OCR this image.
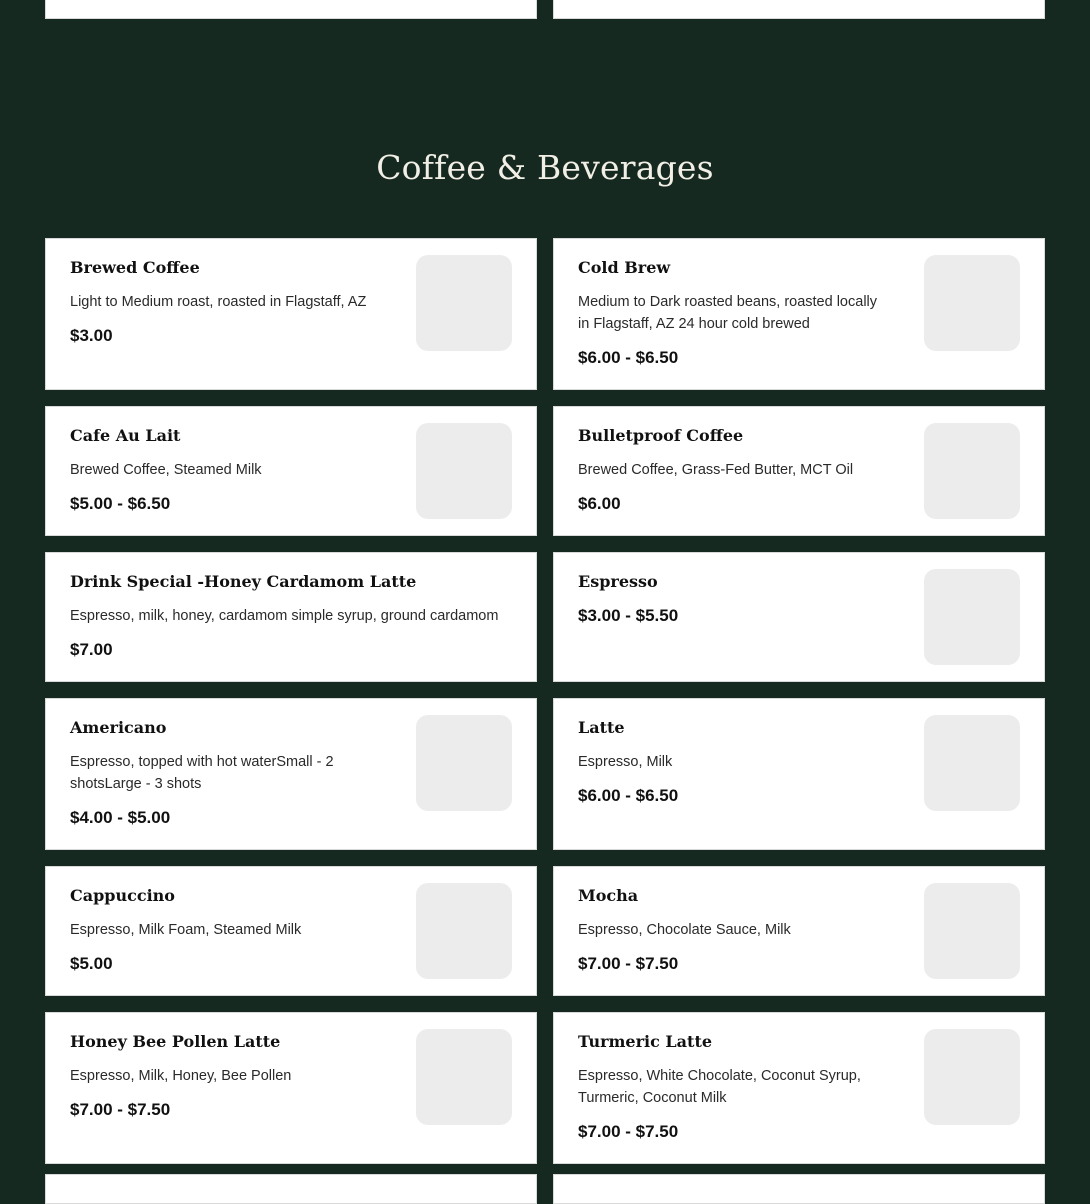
Coffee & Beverages
Brewed Coffee

Light to Medium roast, roasted in Flagstaff, AZ

$3.00

Cold Brew

Medium to Dark roasted beans, roasted locally in Flagstaff, AZ 24 hour cold brewed

$6.00 - $6.50

Cafe Au Lait

Brewed Coffee, Steamed Milk

$5.00 - $6.50

Bulletproof Coffee

Brewed Coffee, Grass-Fed Butter, MCT Oil

$6.00

Drink Special -Honey Cardamom Latte

Espresso, milk, honey, cardamom simple syrup, ground cardamom

$7.00

Espresso

$3.00 - $5.50

Americano

Espresso, topped with hot waterSmall - 2 shotsLarge - 3 shots

$4.00 - $5.00

Latte

Espresso, Milk

$6.00 - $6.50

Cappuccino

Espresso, Milk Foam, Steamed Milk

$5.00

Mocha

Espresso, Chocolate Sauce, Milk

$7.00 - $7.50

Honey Bee Pollen Latte

Espresso, Milk, Honey, Bee Pollen

$7.00 - $7.50

Turmeric Latte

Espresso, White Chocolate, Coconut Syrup, Turmeric, Coconut Milk

$7.00 - $7.50
